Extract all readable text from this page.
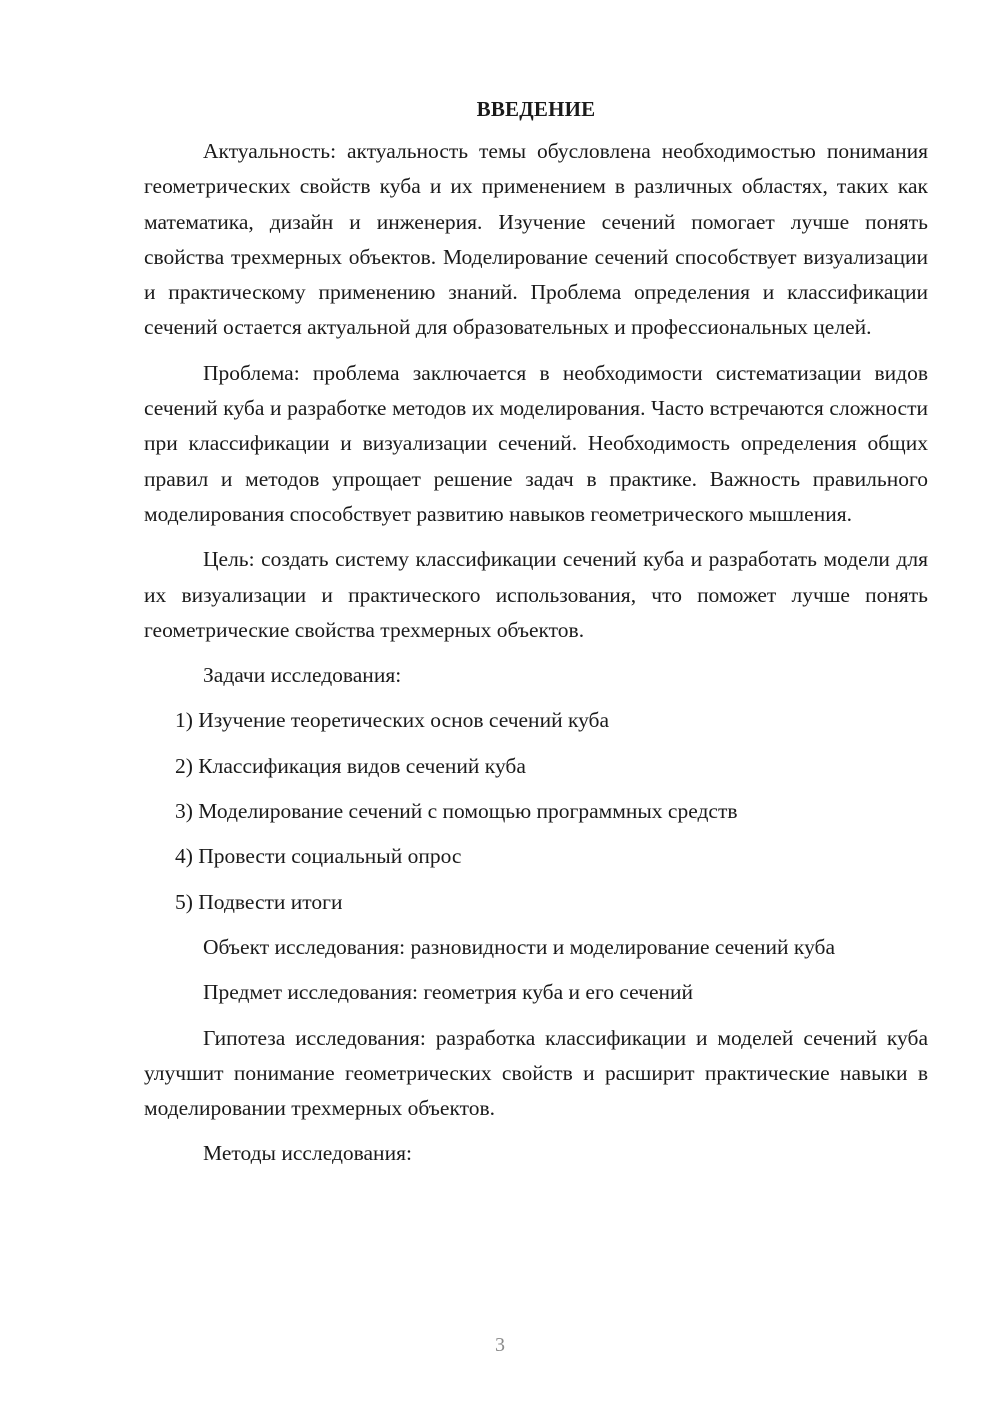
ВВЕДЕНИЕ

Актуальность: актуальность темы обусловлена необходимостью понимания геометрических свойств куба и их применением в различных областях, таких как математика, дизайн и инженерия. Изучение сечений помогает лучше понять свойства трехмерных объектов. Моделирование сечений способствует визуализации и практическому применению знаний. Проблема определения и классификации сечений остается актуальной для образовательных и профессиональных целей.

Проблема: проблема заключается в необходимости систематизации видов сечений куба и разработке методов их моделирования. Часто встречаются сложности при классификации и визуализации сечений. Необходимость определения общих правил и методов упрощает решение задач в практике. Важность правильного моделирования способствует развитию навыков геометрического мышления.

Цель: создать систему классификации сечений куба и разработать модели для их визуализации и практического использования, что поможет лучше понять геометрические свойства трехмерных объектов.

Задачи исследования:

1) Изучение теоретических основ сечений куба
2) Классификация видов сечений куба
3) Моделирование сечений с помощью программных средств
4) Провести социальный опрос
5) Подвести итоги

Объект исследования: разновидности и моделирование сечений куба

Предмет исследования: геометрия куба и его сечений

Гипотеза исследования: разработка классификации и моделей сечений куба улучшит понимание геометрических свойств и расширит практические навыки в моделировании трехмерных объектов.

Методы исследования:

3
